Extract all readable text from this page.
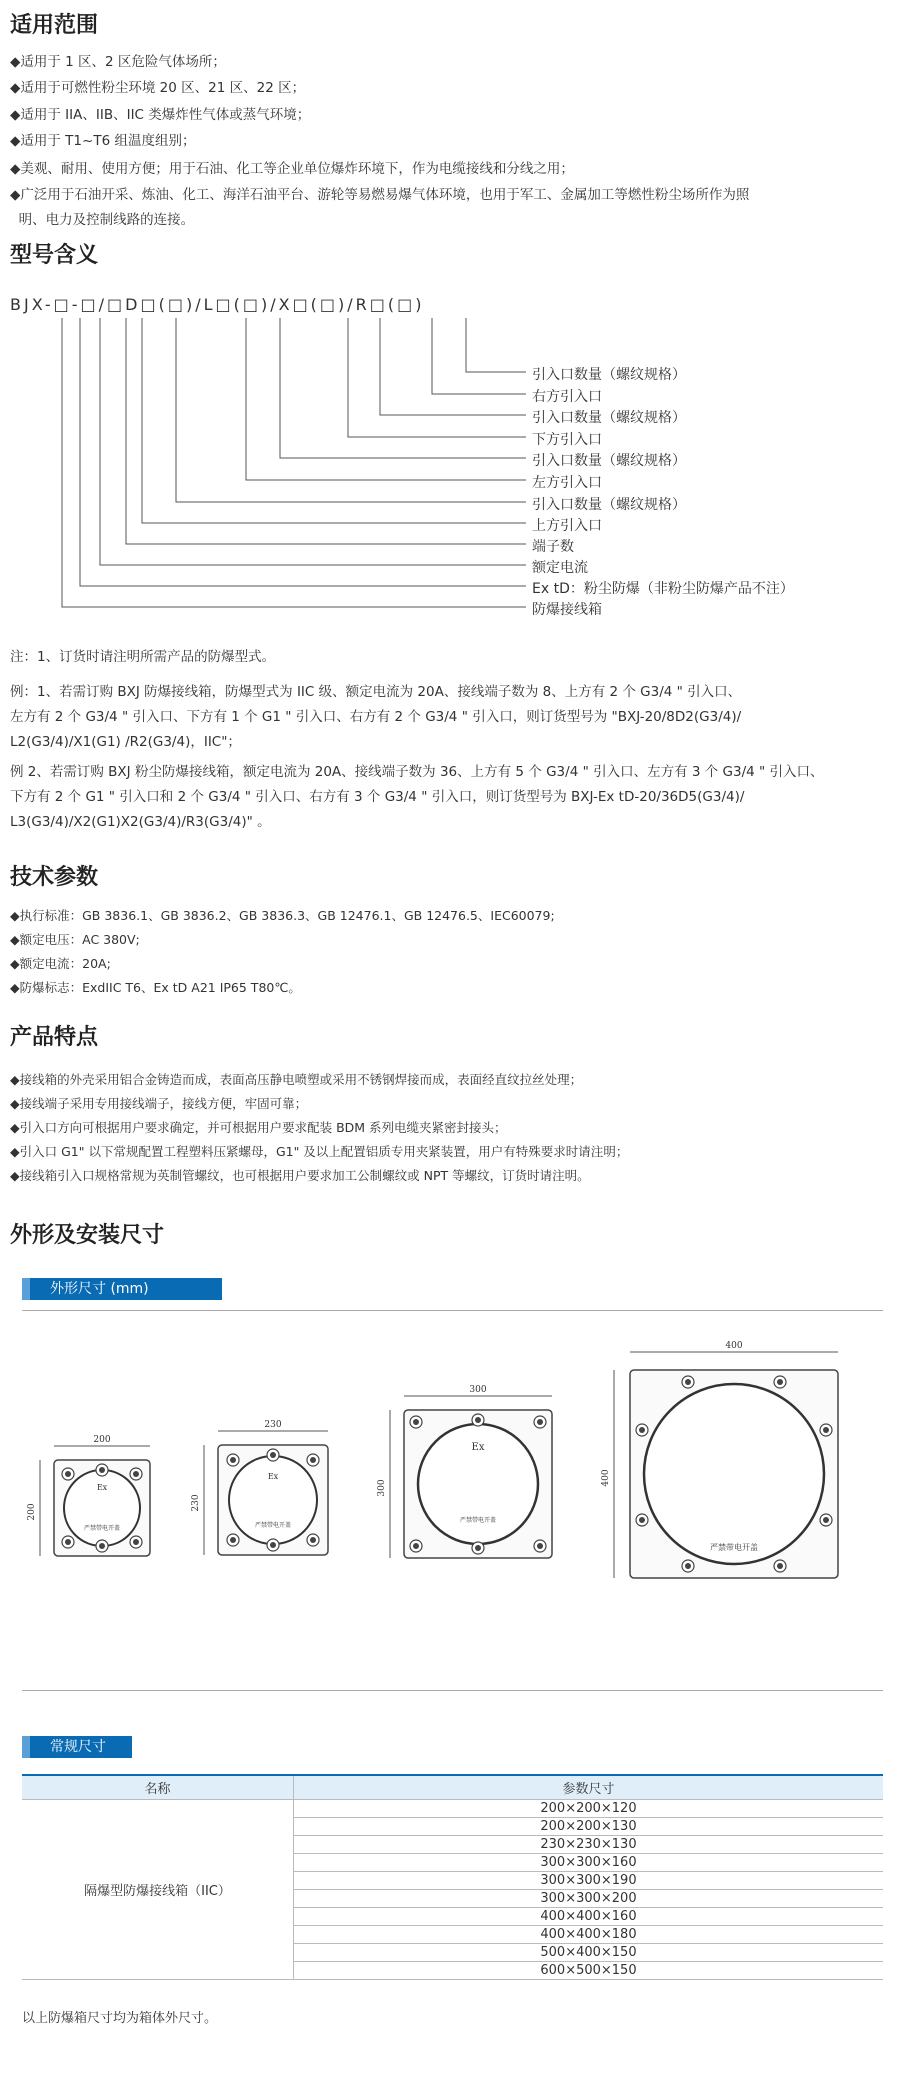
适用范围
◆适用于 1 区、2 区危险气体场所；
◆适用于可燃性粉尘环境 20 区、21 区、22 区；
◆适用于 IIA、IIB、IIC 类爆炸性气体或蒸气环境；
◆适用于 T1~T6 组温度组别；
◆美观、耐用、使用方便；用于石油、化工等企业单位爆炸环境下，作为电缆接线和分线之用；
◆广泛用于石油开采、炼油、化工、海洋石油平台、游轮等易燃易爆气体环境，也用于军工、金属加工等燃性粉尘场所作为照
明、电力及控制线路的连接。
型号含义
BJX-□-□/□D□(□)/L□(□)/X□(□)/R□(□)
引入口数量（螺纹规格）
右方引入口
引入口数量（螺纹规格）
下方引入口
引入口数量（螺纹规格）
左方引入口
引入口数量（螺纹规格）
上方引入口
端子数
额定电流
Ex tD：粉尘防爆（非粉尘防爆产品不注）
防爆接线箱
注：1、订货时请注明所需产品的防爆型式。
例：1、若需订购 BXJ 防爆接线箱，防爆型式为 IIC 级、额定电流为 20A、接线端子数为 8、上方有 2 个 G3/4 " 引入口、
左方有 2 个 G3/4 " 引入口、下方有 1 个 G1 " 引入口、右方有 2 个 G3/4 " 引入口，则订货型号为 "BXJ-20/8D2(G3/4)/
L2(G3/4)/X1(G1) /R2(G3/4)，IIC"；
例 2、若需订购 BXJ 粉尘防爆接线箱，额定电流为 20A、接线端子数为 36、上方有 5 个 G3/4 " 引入口、左方有 3 个 G3/4 " 引入口、
下方有 2 个 G1 " 引入口和 2 个 G3/4 " 引入口、右方有 3 个 G3/4 " 引入口，则订货型号为 BXJ-Ex tD-20/36D5(G3/4)/
L3(G3/4)/X2(G1)X2(G3/4)/R3(G3/4)" 。
技术参数
◆执行标准：GB 3836.1、GB 3836.2、GB 3836.3、GB 12476.1、GB 12476.5、IEC60079;
◆额定电压：AC 380V;
◆额定电流：20A;
◆防爆标志：ExdIIC T6、Ex tD A21 IP65 T80℃。
产品特点
◆接线箱的外壳采用铝合金铸造而成，表面高压静电喷塑或采用不锈钢焊接而成，表面经直纹拉丝处理；
◆接线端子采用专用接线端子，接线方便，牢固可靠；
◆引入口方向可根据用户要求确定，并可根据用户要求配装 BDM 系列电缆夹紧密封接头；
◆引入口 G1" 以下常规配置工程塑料压紧螺母，G1" 及以上配置铝质专用夹紧装置，用户有特殊要求时请注明；
◆接线箱引入口规格常规为英制管螺纹，也可根据用户要求加工公制螺纹或 NPT 等螺纹，订货时请注明。
外形及安装尺寸
外形尺寸 (mm)
200
200
Ex
严禁带电开盖
230
230
Ex
严禁带电开盖
300
300
Ex
严禁带电开盖
400
400
严禁带电开盖
常规尺寸
名称	参数尺寸
隔爆型防爆接线箱（IIC）	200×200×120
	200×200×130
	230×230×130
	300×300×160
	300×300×190
	300×300×200
	400×400×160
	400×400×180
	500×400×150
	600×500×150
以上防爆箱尺寸均为箱体外尺寸。
